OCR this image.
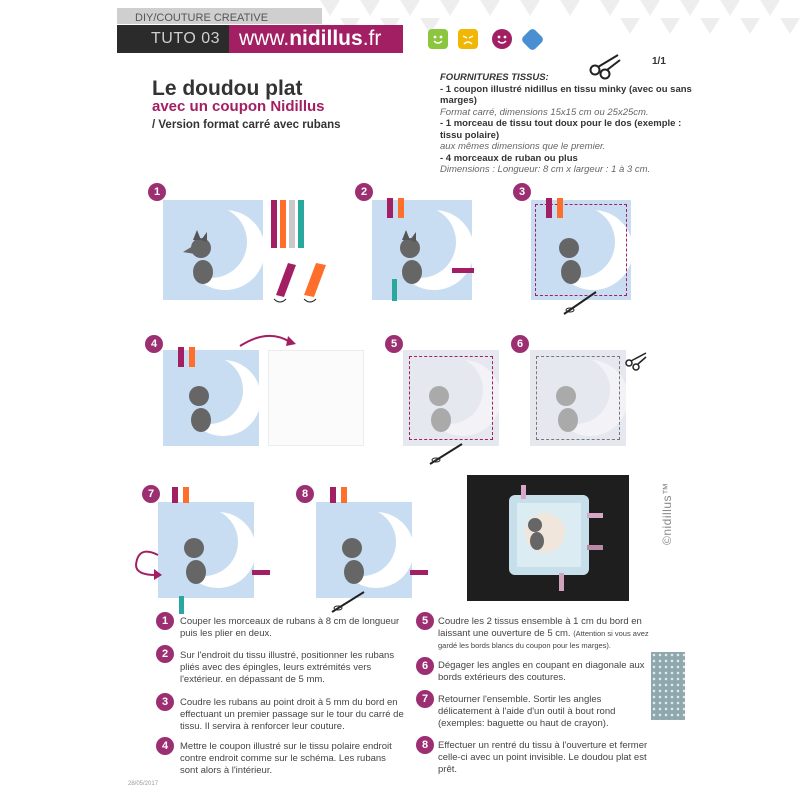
DIY/COUTURE CREATIVE
TUTO 03 www.nidillus.fr
Le doudou plat
avec un coupon Nidillus
/ Version format carré avec rubans
1/1
FOURNITURES TISSUS:
- 1 coupon illustré nidillus en tissu minky (avec ou sans marges)
Format carré, dimensions 15x15 cm ou 25x25cm.
- 1 morceau de tissu tout doux pour le dos (exemple : tissu polaire)
aux mêmes dimensions que le premier.
- 4 morceaux de ruban ou plus
Dimensions : Longueur: 8 cm x largeur : 1 à 3 cm.
1	2	3
4	5	6
7	8	©nidillus™
1	Couper les morceaux de rubans à 8 cm de longueur puis les plier en deux.
2	Sur l'endroit du tissu illustré, positionner les rubans pliés avec des épingles, leurs extrémités vers l'extérieur. en dépassant de 5 mm.
3	Coudre les rubans au point droit à 5 mm du bord en effectuant un premier passage sur le tour du carré de tissu. Il servira à renforcer leur couture.
4	Mettre le coupon illustré sur le tissu polaire endroit contre endroit comme sur le schéma. Les rubans sont alors à l'intérieur.
5	Coudre les 2 tissus ensemble à 1 cm du bord en laissant une ouverture de 5 cm. (Attention si vous avez gardé les bords blancs du coupon pour les marges).
6	Dégager les angles en coupant en diagonale aux bords extérieurs des coutures.
7	Retourner l'ensemble. Sortir les angles délicatement à l'aide d'un outil à bout rond (exemples: baguette ou haut de crayon).
8	Effectuer un rentré du tissu à l'ouverture et fermer celle-ci avec un point invisible. Le doudou plat est prêt.
28/05/2017
